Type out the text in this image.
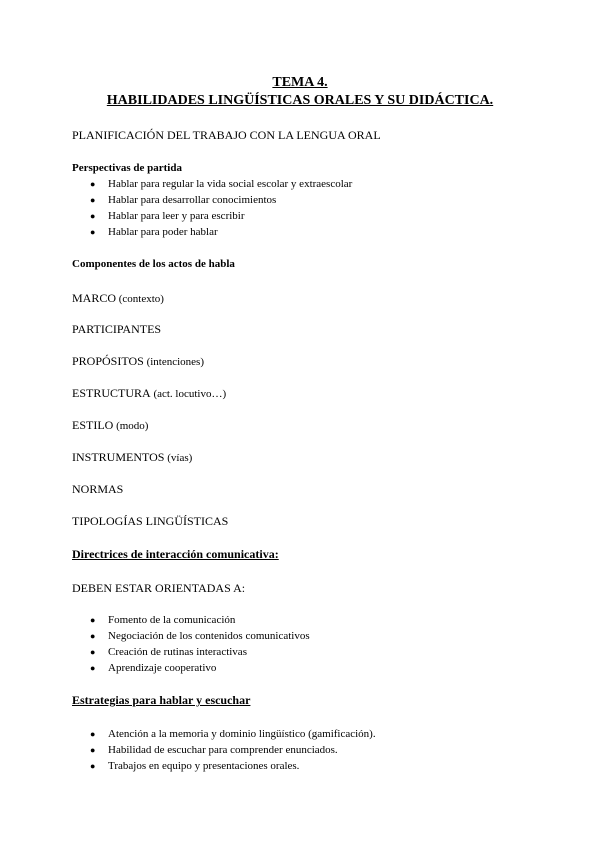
TEMA 4.
HABILIDADES LINGÜÍSTICAS ORALES Y SU DIDÁCTICA.
PLANIFICACIÓN DEL TRABAJO CON LA LENGUA ORAL
Perspectivas de partida
● Hablar para regular la vida social escolar y extraescolar
● Hablar para desarrollar conocimientos
● Hablar para leer y para escribir
● Hablar para poder hablar
Componentes de los actos de habla
MARCO (contexto)
PARTICIPANTES
PROPÓSITOS (intenciones)
ESTRUCTURA (act. locutivo…)
ESTILO (modo)
INSTRUMENTOS (vías)
NORMAS
TIPOLOGÍAS LINGÜÍSTICAS
Directrices de interacción comunicativa:
DEBEN ESTAR ORIENTADAS A:
● Fomento de la comunicación
● Negociación de los contenidos comunicativos
● Creación de rutinas interactivas
● Aprendizaje cooperativo
Estrategias para hablar y escuchar
● Atención a la memoria y dominio lingüístico (gamificación).
● Habilidad de escuchar para comprender enunciados.
● Trabajos en equipo y presentaciones orales.
